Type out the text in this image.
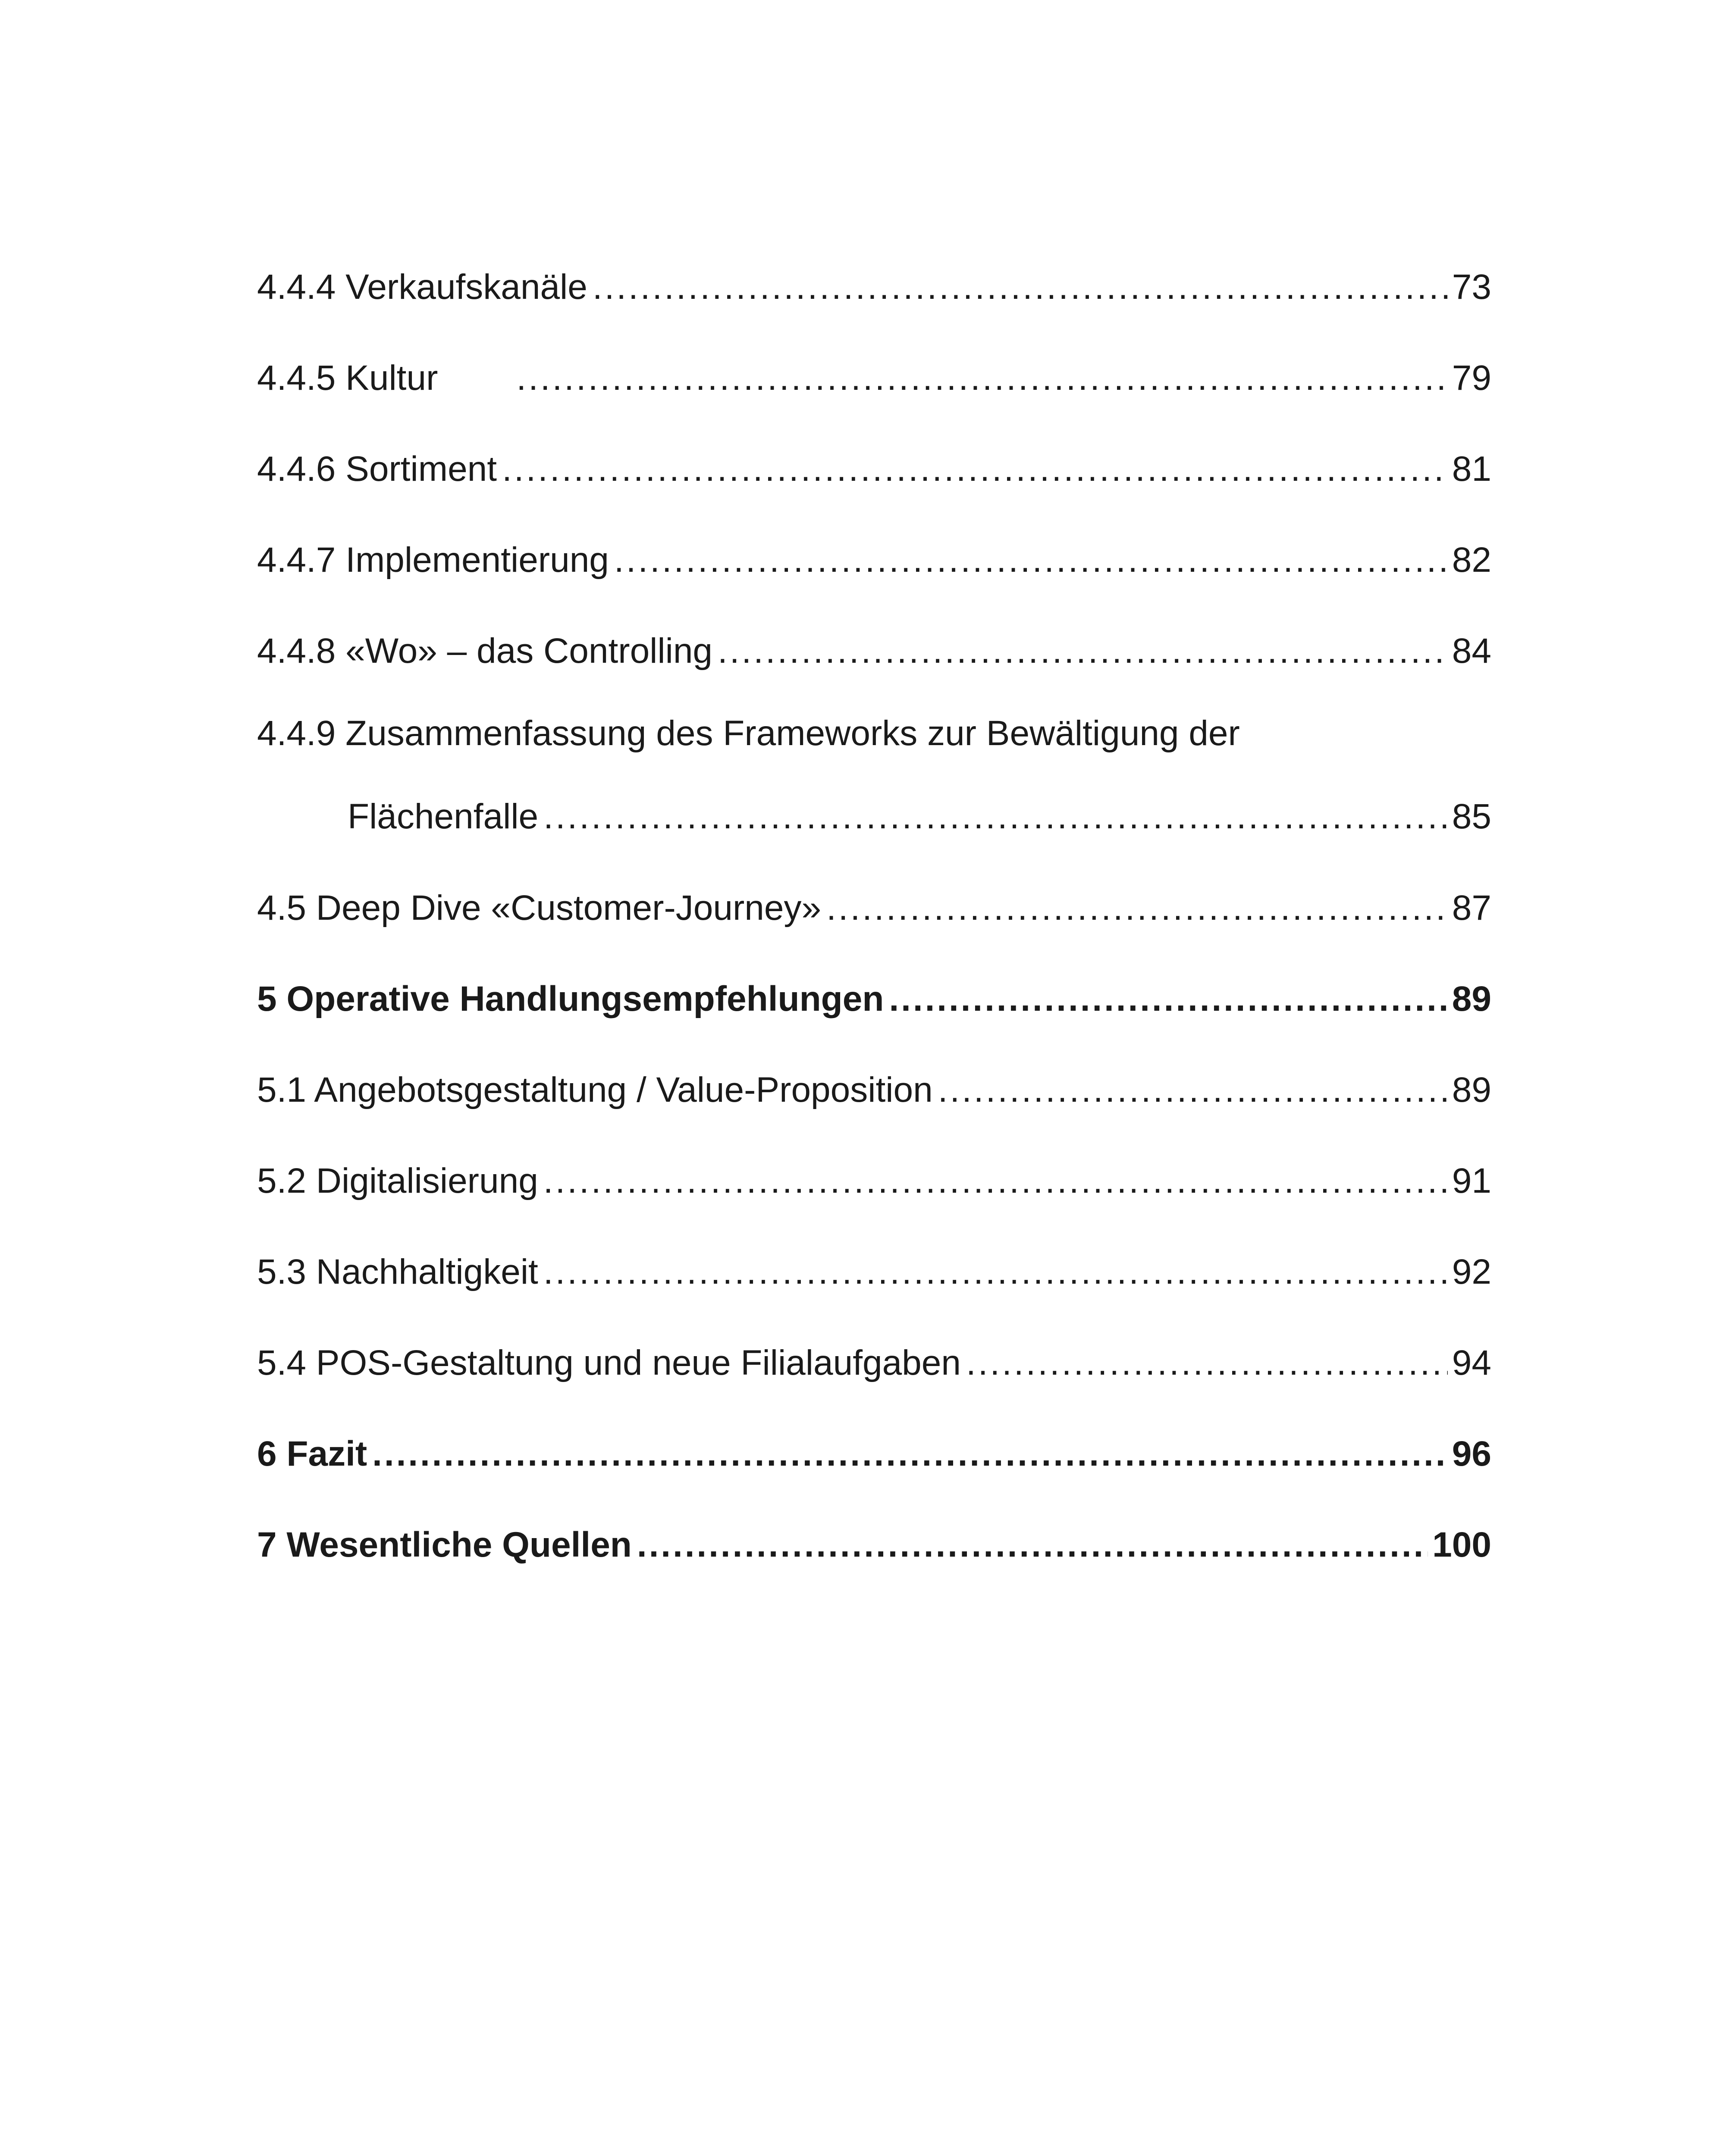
4.4.4 Verkaufskanäle .....	73
4.4.5 Kultur .....	79
4.4.6 Sortiment .....	81
4.4.7 Implementierung .....	82
4.4.8 «Wo» – das Controlling .....	84
4.4.9 Zusammenfassung des Frameworks zur Bewältigung der
Flächenfalle .....	85
4.5 Deep Dive «Customer-Journey» .....	87
5 Operative Handlungsempfehlungen .....	89
5.1 Angebotsgestaltung / Value-Proposition .....	89
5.2 Digitalisierung .....	91
5.3 Nachhaltigkeit .....	92
5.4 POS-Gestaltung und neue Filialaufgaben .....	94
6 Fazit .....	96
7 Wesentliche Quellen .....	100
